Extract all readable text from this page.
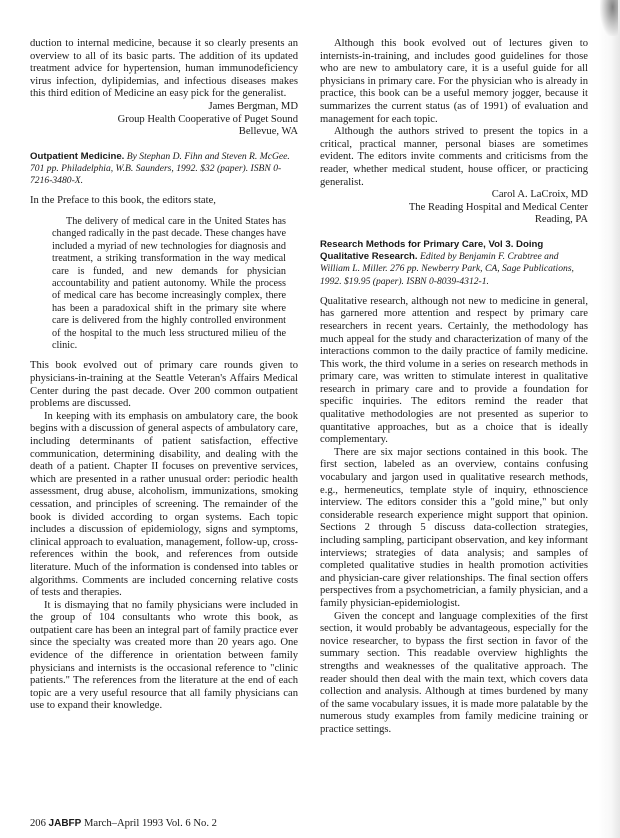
duction to internal medicine, because it so clearly presents an overview to all of its basic parts. The addition of its updated treatment advice for hypertension, human immunodeficiency virus infection, dylipidemias, and infectious diseases makes this third edition of Medicine an easy pick for the generalist.

James Bergman, MD

Group Health Cooperative of Puget Sound

Bellevue, WA

Outpatient Medicine. By Stephan D. Fihn and Steven R. McGee. 701 pp. Philadelphia, W.B. Saunders, 1992. $32 (paper). ISBN 0-7216-3480-X.

In the Preface to this book, the editors state,

The delivery of medical care in the United States has changed radically in the past decade. These changes have included a myriad of new technologies for diagnosis and treatment, a striking transformation in the way medical care is funded, and new demands for physician accountability and patient autonomy. While the process of medical care has become increasingly complex, there has been a paradoxical shift in the primary site where care is delivered from the highly controlled environment of the hospital to the much less structured milieu of the clinic.

This book evolved out of primary care rounds given to physicians-in-training at the Seattle Veteran's Affairs Medical Center during the past decade. Over 200 common outpatient problems are discussed.

In keeping with its emphasis on ambulatory care, the book begins with a discussion of general aspects of ambulatory care, including determinants of patient satisfaction, effective communication, determining disability, and dealing with the death of a patient. Chapter II focuses on preventive services, which are presented in a rather unusual order: periodic health assessment, drug abuse, alcoholism, immunizations, smoking cessation, and principles of screening. The remainder of the book is divided according to organ systems. Each topic includes a discussion of epidemiology, signs and symptoms, clinical approach to evaluation, management, follow-up, cross-references within the book, and references from outside literature. Much of the information is condensed into tables or algorithms. Comments are included concerning relative costs of tests and therapies.

It is dismaying that no family physicians were included in the group of 104 consultants who wrote this book, as outpatient care has been an integral part of family practice ever since the specialty was created more than 20 years ago. One evidence of the difference in orientation between family physicians and internists is the occasional reference to "clinic patients." The references from the literature at the end of each topic are a very useful resource that all family physicians can use to expand their knowledge.

Although this book evolved out of lectures given to internists-in-training, and includes good guidelines for those who are new to ambulatory care, it is a useful guide for all physicians in primary care. For the physician who is already in practice, this book can be a useful memory jogger, because it summarizes the current status (as of 1991) of evaluation and management for each topic.

Although the authors strived to present the topics in a critical, practical manner, personal biases are sometimes evident. The editors invite comments and criticisms from the reader, whether medical student, house officer, or practicing generalist.

Carol A. LaCroix, MD

The Reading Hospital and Medical Center

Reading, PA

Research Methods for Primary Care, Vol 3. Doing Qualitative Research. Edited by Benjamin F. Crabtree and William L. Miller. 276 pp. Newberry Park, CA, Sage Publications, 1992. $19.95 (paper). ISBN 0-8039-4312-1.

Qualitative research, although not new to medicine in general, has garnered more attention and respect by primary care researchers in recent years. Certainly, the methodology has much appeal for the study and characterization of many of the interactions common to the daily practice of family medicine. This work, the third volume in a series on research methods in primary care, was written to stimulate interest in qualitative research in primary care and to provide a foundation for specific inquiries. The editors remind the reader that qualitative methodologies are not presented as superior to quantitative approaches, but as a choice that is ideally complementary.

There are six major sections contained in this book. The first section, labeled as an overview, contains confusing vocabulary and jargon used in qualitative research methods, e.g., hermeneutics, template style of inquiry, ethnoscience interview. The editors consider this a "gold mine," but only considerable research experience might support that opinion. Sections 2 through 5 discuss data-collection strategies, including sampling, participant observation, and key informant interviews; strategies of data analysis; and samples of completed qualitative studies in health promotion activities and physician-care giver relationships. The final section offers perspectives from a psychometrician, a family physician, and a family physician-epidemiologist.

Given the concept and language complexities of the first section, it would probably be advantageous, especially for the novice researcher, to bypass the first section in favor of the summary section. This readable overview highlights the strengths and weaknesses of the qualitative approach. The reader should then deal with the main text, which covers data collection and analysis. Although at times burdened by many of the same vocabulary issues, it is made more palatable by the numerous study examples from family medicine training or practice settings.

206 JABFP March–April 1993 Vol. 6 No. 2
